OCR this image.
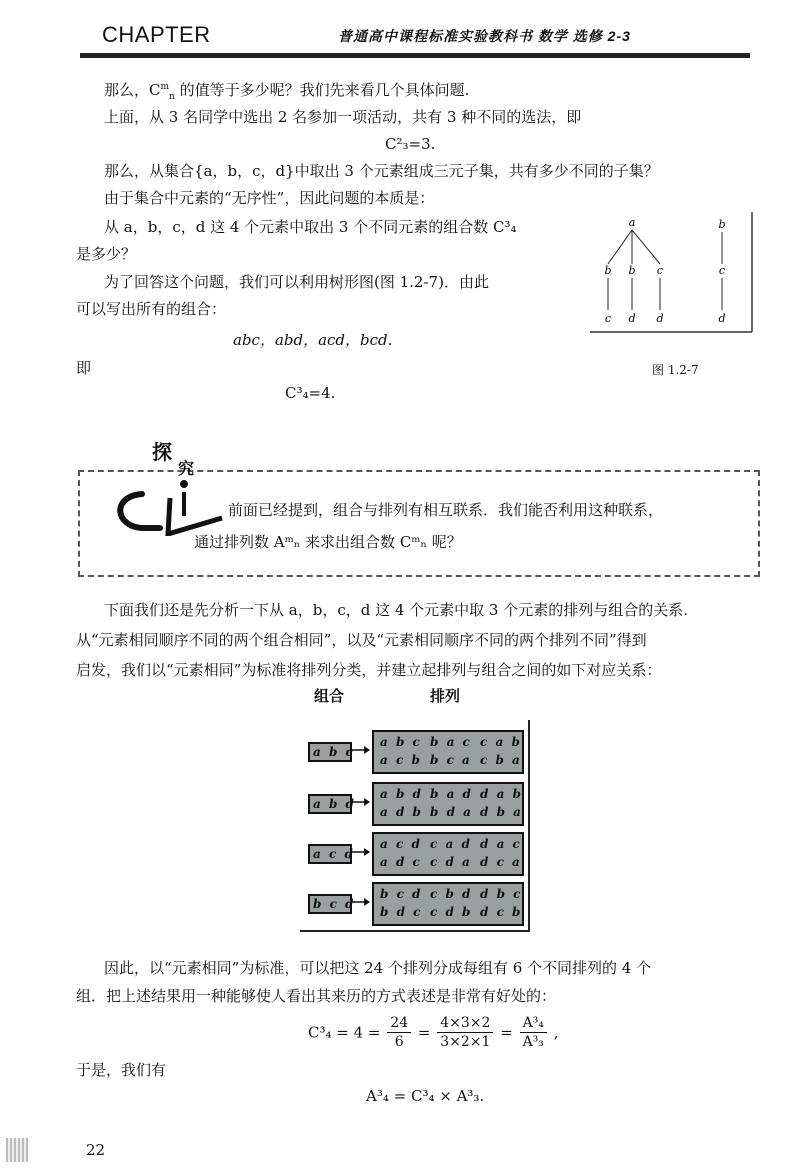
CHAPTER	普通高中课程标准实验教科书 数学 选修 2-3
那么，$C^m_n$ 的值等于多少呢？我们先来看几个具体问题.
上面，从 3 名同学中选出 2 名参加一项活动，共有 3 种不同的选法，即
C²₃=3.
那么，从集合{a，b，c，d}中取出 3 个元素组成三元子集，共有多少不同的子集？
由于集合中元素的“无序性”，因此问题的本质是：
从 a，b，c，d 这 4 个元素中取出 3 个不同元素的组合数 C³₄
是多少？
为了回答这个问题，我们可以利用树形图(图 1.2-7)．由此
可以写出所有的组合：
abc，abd，acd，bcd.
即
C³₄=4.
a
b b c
c d d
b
c
d
图 1.2-7
探
究
前面已经提到，组合与排列有相互联系．我们能否利用这种联系，
通过排列数 Aᵐₙ 来求出组合数 Cᵐₙ 呢？
下面我们还是先分析一下从 a，b，c，d 这 4 个元素中取 3 个元素的排列与组合的关系.
从“元素相同顺序不同的两个组合相同”，以及“元素相同顺序不同的两个排列不同”得到
启发，我们以“元素相同”为标准将排列分类，并建立起排列与组合之间的如下对应关系：
组合	排列
a b c
a b c b a c c a b
a c b b c a c b a
a b d
a b d b a d d a b
a d b b d a d b a
a c d
a c d c a d d a c
a d c c d a d c a
b c d
b c d c b d d b c
b d c c d b d c b
因此，以“元素相同”为标准，可以把这 24 个排列分成每组有 6 个不同排列的 4 个
组．把上述结果用一种能够使人看出其来历的方式表述是非常有好处的：
$C^3_4 = 4 = \frac{24}{6} = \frac{4\times 3\times 2}{3\times 2\times 1} = \frac{\text{A³₄}}{\text{A³₃}}$ ,
于是，我们有
A³₄ = C³₄ × A³₃.
22
